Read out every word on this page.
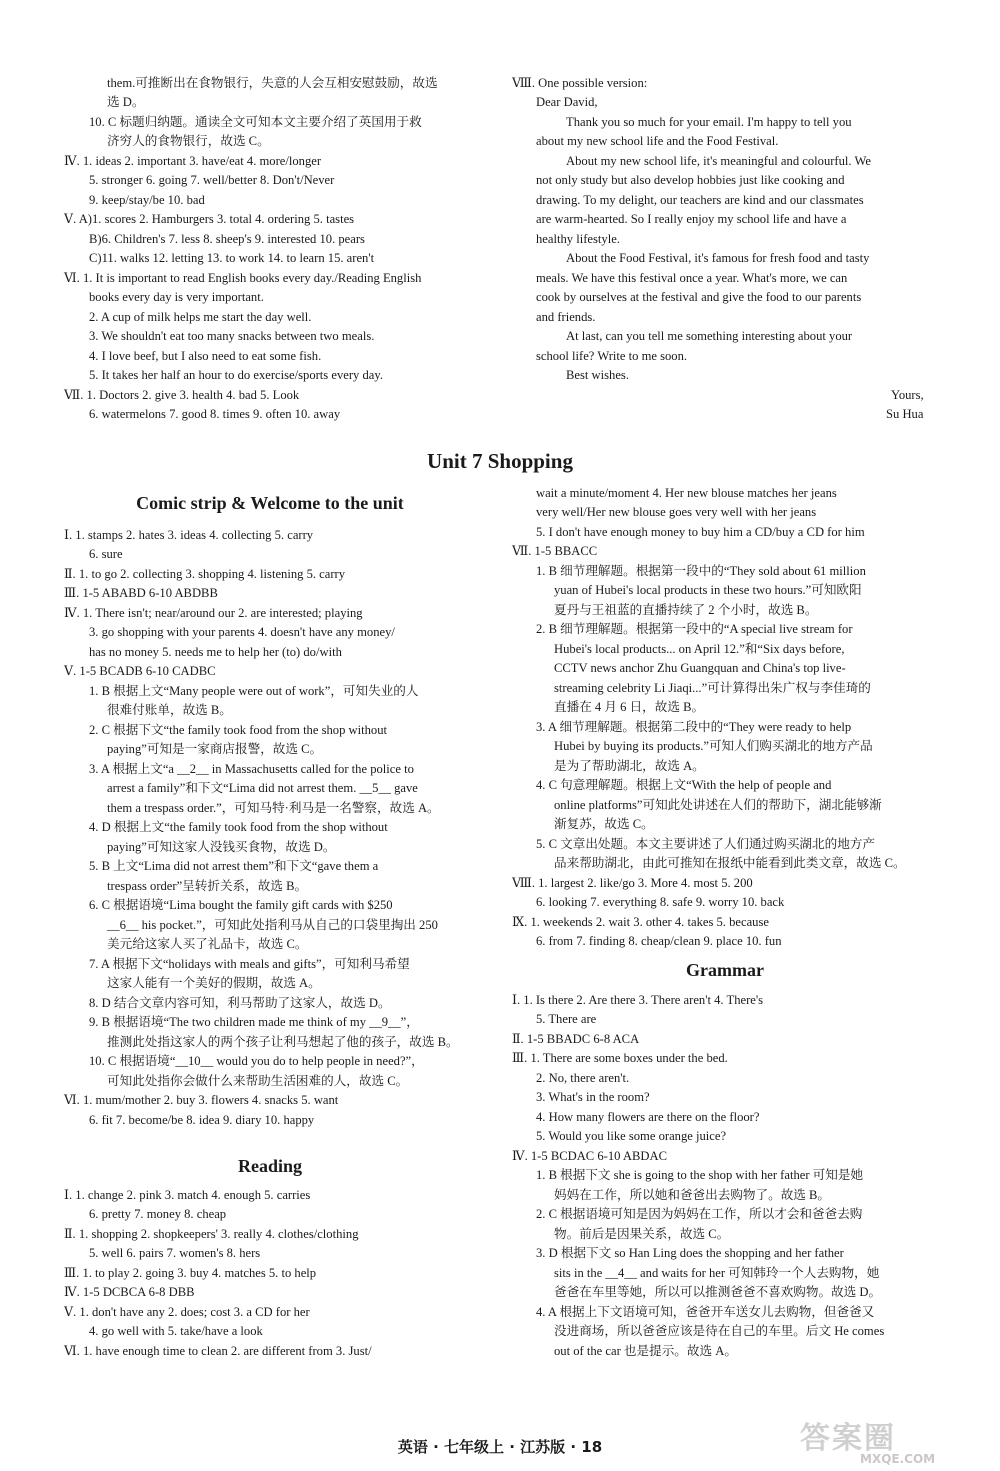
them.可推断出在食物银行，失意的人会互相安慰鼓励，故选

选 D。

10. C 标题归纳题。通读全文可知本文主要介绍了英国用于救

济穷人的食物银行，故选 C。

Ⅳ. 1. ideas 2. important 3. have/eat 4. more/longer

5. stronger 6. going 7. well/better 8. Don't/Never

9. keep/stay/be 10. bad

Ⅴ. A)1. scores 2. Hamburgers 3. total 4. ordering 5. tastes

B)6. Children's 7. less 8. sheep's 9. interested 10. pears

C)11. walks 12. letting 13. to work 14. to learn 15. aren't

Ⅵ. 1. It is important to read English books every day./Reading English

books every day is very important.

2. A cup of milk helps me start the day well.

3. We shouldn't eat too many snacks between two meals.

4. I love beef, but I also need to eat some fish.

5. It takes her half an hour to do exercise/sports every day.

Ⅶ. 1. Doctors 2. give 3. health 4. bad 5. Look

6. watermelons 7. good 8. times 9. often 10. away

Ⅷ. One possible version:

Dear David,

Thank you so much for your email. I'm happy to tell you

about my new school life and the Food Festival.

About my new school life, it's meaningful and colourful. We

not only study but also develop hobbies just like cooking and

drawing. To my delight, our teachers are kind and our classmates

are warm-hearted. So I really enjoy my school life and have a

healthy lifestyle.

About the Food Festival, it's famous for fresh food and tasty

meals. We have this festival once a year. What's more, we can

cook by ourselves at the festival and give the food to our parents

and friends.

At last, can you tell me something interesting about your

school life? Write to me soon.

Best wishes.

Yours,

Su Hua

Unit 7 Shopping
Comic strip & Welcome to the unit

Ⅰ. 1. stamps 2. hates 3. ideas 4. collecting 5. carry

6. sure

Ⅱ. 1. to go 2. collecting 3. shopping 4. listening 5. carry

Ⅲ. 1-5 ABABD 6-10 ABDBB

Ⅳ. 1. There isn't; near/around our 2. are interested; playing

3. go shopping with your parents 4. doesn't have any money/

has no money 5. needs me to help her (to) do/with

Ⅴ. 1-5 BCADB 6-10 CADBC

1. B 根据上文“Many people were out of work”，可知失业的人

很难付账单，故选 B。

2. C 根据下文“the family took food from the shop without

paying”可知是一家商店报警，故选 C。

3. A 根据上文“a __2__ in Massachusetts called for the police to

arrest a family”和下文“Lima did not arrest them. __5__ gave

them a trespass order.”，可知马特·利马是一名警察，故选 A。

4. D 根据上文“the family took food from the shop without

paying”可知这家人没钱买食物，故选 D。

5. B 上文“Lima did not arrest them”和下文“gave them a

trespass order”呈转折关系，故选 B。

6. C 根据语境“Lima bought the family gift cards with $250

__6__ his pocket.”，可知此处指利马从自己的口袋里掏出 250

美元给这家人买了礼品卡，故选 C。

7. A 根据下文“holidays with meals and gifts”，可知利马希望

这家人能有一个美好的假期，故选 A。

8. D 结合文章内容可知，利马帮助了这家人，故选 D。

9. B 根据语境“The two children made me think of my __9__”，

推测此处指这家人的两个孩子让利马想起了他的孩子，故选 B。

10. C 根据语境“__10__ would you do to help people in need?”，

可知此处指你会做什么来帮助生活困难的人，故选 C。

Ⅵ. 1. mum/mother 2. buy 3. flowers 4. snacks 5. want

6. fit 7. become/be 8. idea 9. diary 10. happy

Reading

Ⅰ. 1. change 2. pink 3. match 4. enough 5. carries

6. pretty 7. money 8. cheap

Ⅱ. 1. shopping 2. shopkeepers' 3. really 4. clothes/clothing

5. well 6. pairs 7. women's 8. hers

Ⅲ. 1. to play 2. going 3. buy 4. matches 5. to help

Ⅳ. 1-5 DCBCA 6-8 DBB

Ⅴ. 1. don't have any 2. does; cost 3. a CD for her

4. go well with 5. take/have a look

Ⅵ. 1. have enough time to clean 2. are different from 3. Just/

wait a minute/moment 4. Her new blouse matches her jeans

very well/Her new blouse goes very well with her jeans

5. I don't have enough money to buy him a CD/buy a CD for him

Ⅶ. 1-5 BBACC

1. B 细节理解题。根据第一段中的“They sold about 61 million

yuan of Hubei's local products in these two hours.”可知欧阳

夏丹与王祖蓝的直播持续了 2 个小时，故选 B。

2. B 细节理解题。根据第一段中的“A special live stream for

Hubei's local products... on April 12.”和“Six days before,

CCTV news anchor Zhu Guangquan and China's top live-

streaming celebrity Li Jiaqi...”可计算得出朱广权与李佳琦的

直播在 4 月 6 日，故选 B。

3. A 细节理解题。根据第二段中的“They were ready to help

Hubei by buying its products.”可知人们购买湖北的地方产品

是为了帮助湖北，故选 A。

4. C 句意理解题。根据上文“With the help of people and

online platforms”可知此处讲述在人们的帮助下，湖北能够渐

渐复苏，故选 C。

5. C 文章出处题。本文主要讲述了人们通过购买湖北的地方产

品来帮助湖北，由此可推知在报纸中能看到此类文章，故选 C。

Ⅷ. 1. largest 2. like/go 3. More 4. most 5. 200

6. looking 7. everything 8. safe 9. worry 10. back

Ⅸ. 1. weekends 2. wait 3. other 4. takes 5. because

6. from 7. finding 8. cheap/clean 9. place 10. fun

Grammar

Ⅰ. 1. Is there 2. Are there 3. There aren't 4. There's

5. There are

Ⅱ. 1-5 BBADC 6-8 ACA

Ⅲ. 1. There are some boxes under the bed.

2. No, there aren't.

3. What's in the room?

4. How many flowers are there on the floor?

5. Would you like some orange juice?

Ⅳ. 1-5 BCDAC 6-10 ABDAC

1. B 根据下文 she is going to the shop with her father 可知是她

妈妈在工作，所以她和爸爸出去购物了。故选 B。

2. C 根据语境可知是因为妈妈在工作，所以才会和爸爸去购

物。前后是因果关系，故选 C。

3. D 根据下文 so Han Ling does the shopping and her father

sits in the __4__ and waits for her 可知韩玲一个人去购物，她

爸爸在车里等她，所以可以推测爸爸不喜欢购物。故选 D。

4. A 根据上下文语境可知，爸爸开车送女儿去购物，但爸爸又

没进商场，所以爸爸应该是待在自己的车里。后文 He comes

out of the car 也是提示。故选 A。

英语 · 七年级上 · 江苏版 · 18	答案圈
MXQE.COM
